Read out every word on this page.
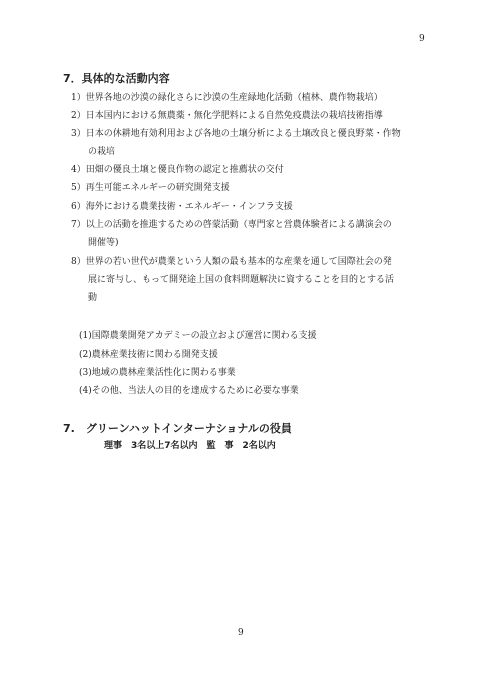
9
7．具体的な活動内容
1）世界各地の沙漠の緑化さらに沙漠の生産緑地化活動（植林、農作物栽培）
2）日本国内における無農薬・無化学肥料による自然免疫農法の栽培技術指導
3）日本の休耕地有効利用および各地の土壌分析による土壌改良と優良野菜・作物
の栽培
4）田畑の優良土壌と優良作物の認定と推薦状の交付
5）再生可能エネルギーの研究開発支援
6）海外における農業技術・エネルギー・インフラ支援
7）以上の活動を推進するための啓蒙活動（専門家と営農体験者による講演会の
開催等)
8）世界の若い世代が農業という人類の最も基本的な産業を通して国際社会の発
展に寄与し、もって開発途上国の食料問題解決に資することを目的とする活
動
(1)国際農業開発アカデミーの設立および運営に関わる支援
(2)農林産業技術に関わる開発支援
(3)地域の農林産業活性化に関わる事業
(4)その他、当法人の目的を達成するために必要な事業
7.　グリーンハットインターナショナルの役員
理事　3名以上7名以内　監　事　2名以内
9
